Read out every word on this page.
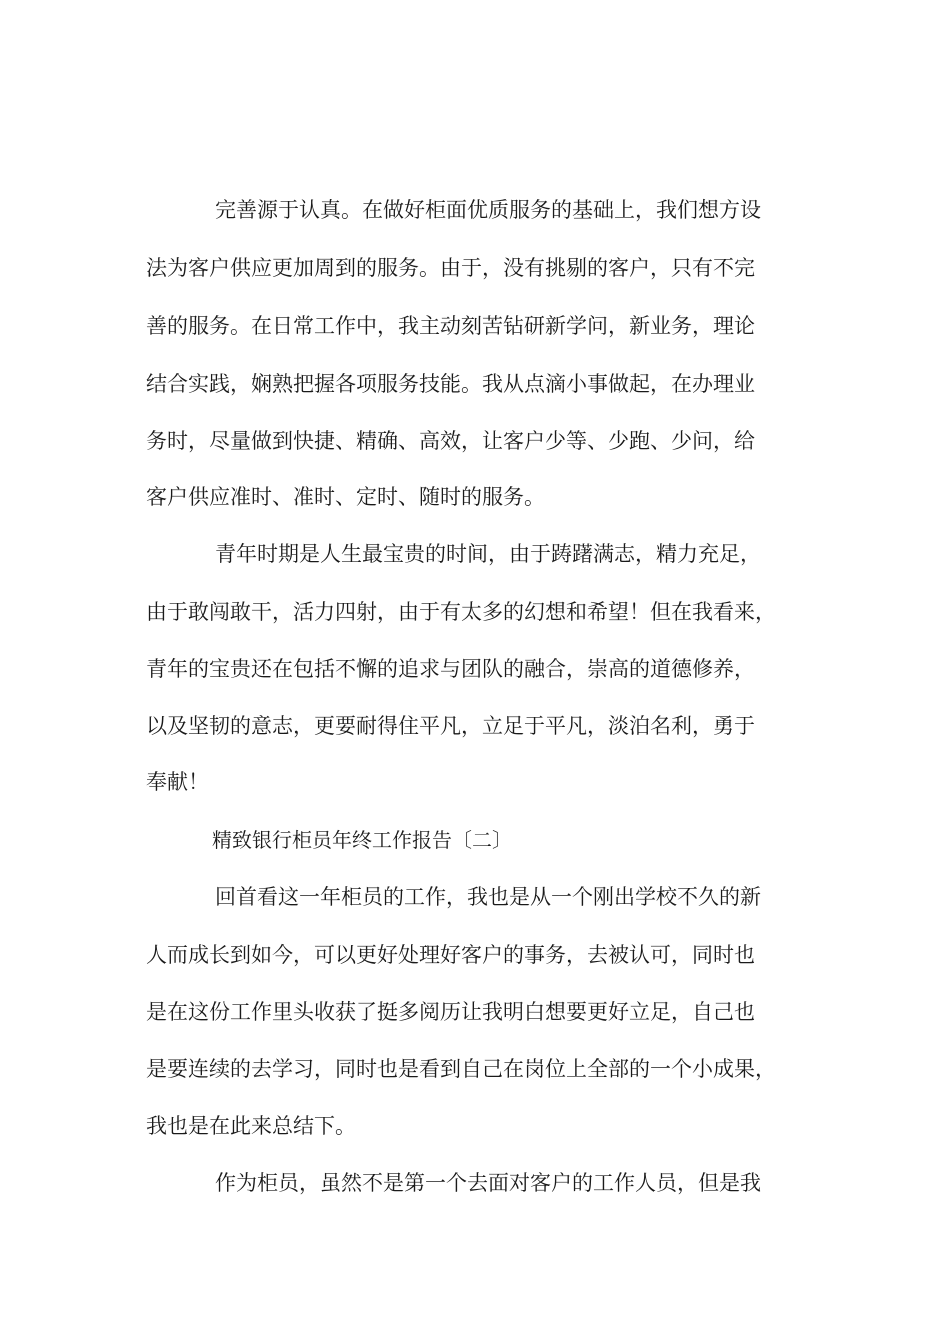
完善源于认真。在做好柜面优质服务的基础上，我们想方设
法为客户供应更加周到的服务。由于，没有挑剔的客户，只有不完
善的服务。在日常工作中，我主动刻苦钻研新学问，新业务，理论
结合实践，娴熟把握各项服务技能。我从点滴小事做起，在办理业
务时，尽量做到快捷、精确、高效，让客户少等、少跑、少问，给
客户供应准时、准时、定时、随时的服务。
青年时期是人生最宝贵的时间，由于踌躇满志，精力充足，
由于敢闯敢干，活力四射，由于有太多的幻想和希望！但在我看来，
青年的宝贵还在包括不懈的追求与团队的融合，崇高的道德修养，
以及坚韧的意志，更要耐得住平凡，立足于平凡，淡泊名利，勇于
奉献！
精致银行柜员年终工作报告〔二〕
回首看这一年柜员的工作，我也是从一个刚出学校不久的新
人而成长到如今，可以更好处理好客户的事务，去被认可，同时也
是在这份工作里头收获了挺多阅历让我明白想要更好立足，自己也
是要连续的去学习，同时也是看到自己在岗位上全部的一个小成果，
我也是在此来总结下。
作为柜员，虽然不是第一个去面对客户的工作人员，但是我
